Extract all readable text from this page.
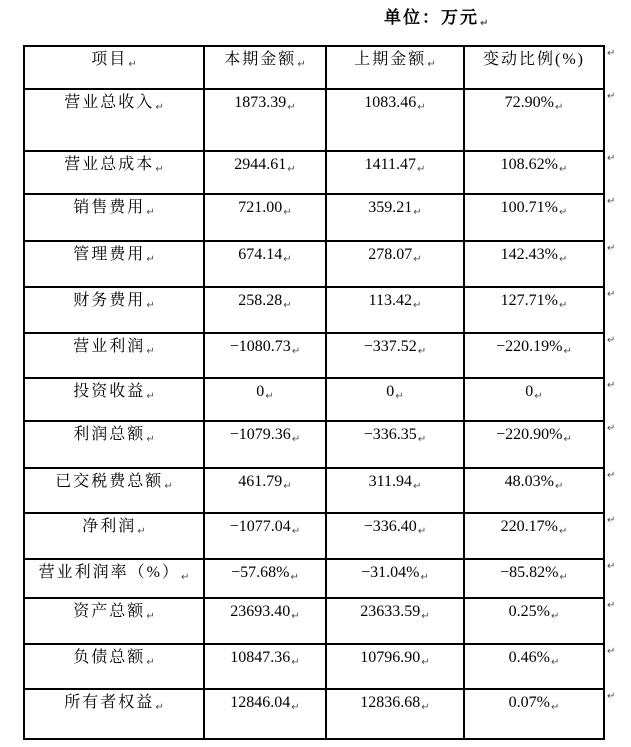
单位：万元↵
项目↵	本期金额↵	上期金额↵	变动比例(%)
营业总收入↵	1873.39↵	1083.46↵	72.90%↵
营业总成本↵	2944.61↵	1411.47↵	108.62%↵
销售费用↵	721.00↵	359.21↵	100.71%↵
管理费用↵	674.14↵	278.07↵	142.43%↵
财务费用↵	258.28↵	113.42↵	127.71%↵
营业利润↵	−1080.73↵	−337.52↵	−220.19%↵
投资收益↵	0↵	0↵	0↵
利润总额↵	−1079.36↵	−336.35↵	−220.90%↵
已交税费总额↵	461.79↵	311.94↵	48.03%↵
净利润↵	−1077.04↵	−336.40↵	220.17%↵
营业利润率（%）↵	−57.68%↵	−31.04%↵	−85.82%↵
资产总额↵	23693.40↵	23633.59↵	0.25%↵
负债总额↵	10847.36↵	10796.90↵	0.46%↵
所有者权益↵	12846.04↵	12836.68↵	0.07%↵
↵
↵
↵
↵
↵
↵
↵
↵
↵
↵
↵
↵
↵
↵
↵
